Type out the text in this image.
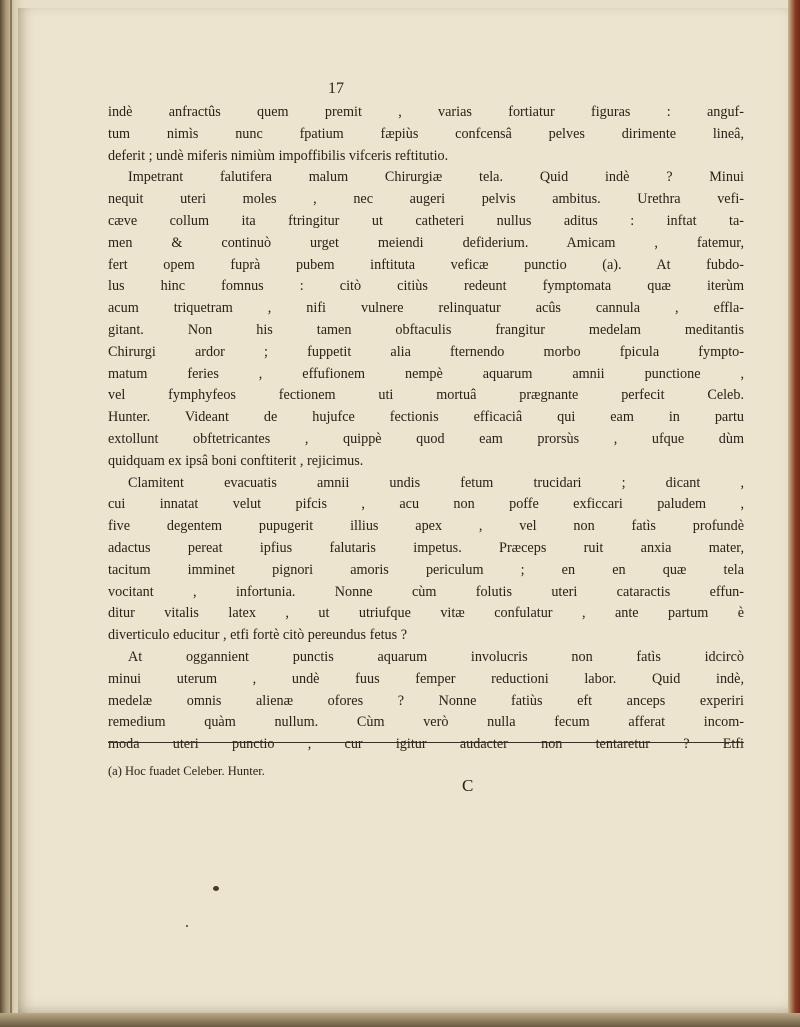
17
indè anfractûs quem premit , varias fortiatur figuras : anguf-
tum nimìs nunc fpatium fæpiùs confcensâ pelves dirimente lineâ,
deferit ; undè miferis nimiùm impoffibilis vifceris reftitutio.
Impetrant falutifera malum Chirurgiæ tela. Quid indè ? Minui
nequit uteri moles , nec augeri pelvis ambitus. Urethra vefi-
cæve collum ita ftringitur ut catheteri nullus aditus : inftat ta-
men & continuò urget meiendi defiderium. Amicam , fatemur,
fert opem fuprà pubem inftituta veficæ punctio (a). At fubdo-
lus hinc fomnus : citò citiùs redeunt fymptomata quæ iterùm
acum triquetram , nifi vulnere relinquatur acûs cannula , effla-
gitant. Non his tamen obftaculis frangitur medelam meditantis
Chirurgi ardor ; fuppetit alia fternendo morbo fpicula fympto-
matum feries , effufionem nempè aquarum amnii punctione ,
vel fymphyfeos fectionem uti mortuâ prægnante perfecit Celeb.
Hunter. Videant de hujufce fectionis efficaciâ qui eam in partu
extollunt obftetricantes , quippè quod eam prorsùs , ufque dùm
quidquam ex ipsâ boni conftiterit , rejicimus.
Clamitent evacuatis amnii undis fetum trucidari ; dicant ,
cui innatat velut pifcis , acu non poffe exficcari paludem ,
five degentem pupugerit illius apex , vel non fatìs profundè
adactus pereat ipfius falutaris impetus. Præceps ruit anxia mater,
tacitum imminet pignori amoris periculum ; en en quæ tela
vocitant , infortunia. Nonne cùm folutis uteri cataractis effun-
ditur vitalis latex , ut utriufque vitæ confulatur , ante partum è
diverticulo educitur , etfi fortè citò pereundus fetus ?
At oggannient punctis aquarum involucris non fatìs idcircò
minui uterum , undè fuus femper reductioni labor. Quid indè,
medelæ omnis alienæ ofores ? Nonne fatiùs eft anceps experiri
remedium quàm nullum. Cùm verò nulla fecum afferat incom-
moda uteri punctio , cur igitur audacter non tentaretur ? Etfi
(a) Hoc fuadet Celeber. Hunter.
C
